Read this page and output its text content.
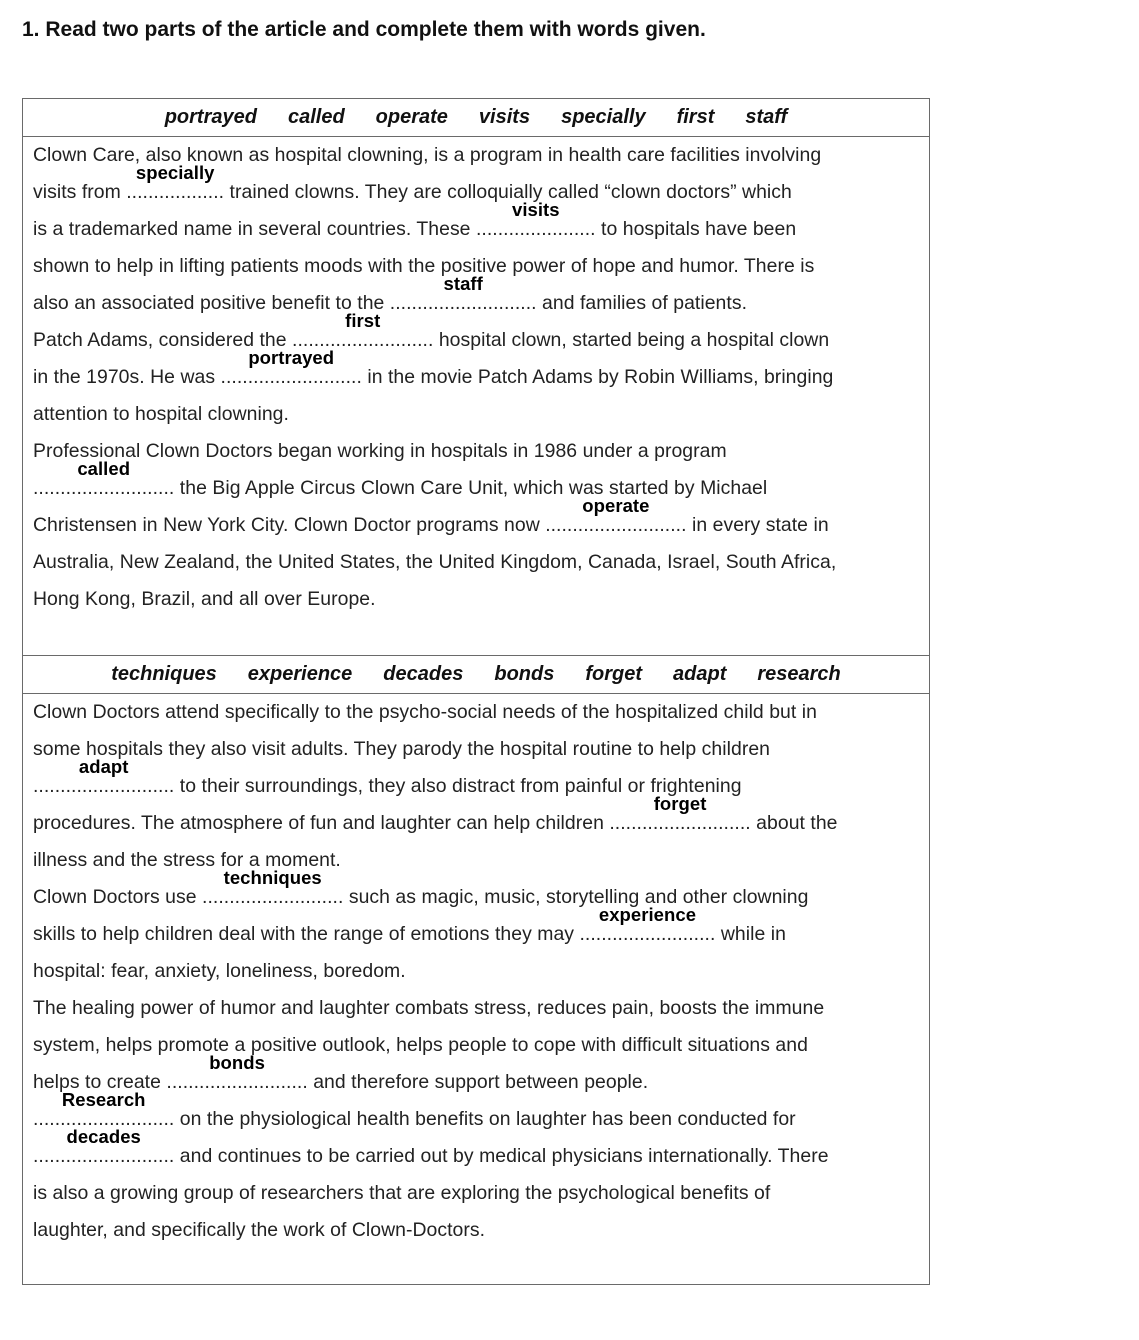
1. Read two parts of the article and complete them with words given.
portrayed called operate visits specially first staff
Clown Care, also known as hospital clowning, is a program in health care facilities involving
visits from ..................
specially
trained clowns. They are colloquially called “clown doctors” which
is a trademarked name in several countries. These ......................
visits
to hospitals have been
shown to help in lifting patients moods with the positive power of hope and humor. There is
also an associated positive benefit to the ...........................
staff
and families of patients.
Patch Adams, considered the ..........................
first
hospital clown, started being a hospital clown
in the 1970s. He was ..........................
portrayed
in the movie Patch Adams by Robin Williams, bringing
attention to hospital clowning.
Professional Clown Doctors began working in hospitals in 1986 under a program
..........................
called
the Big Apple Circus Clown Care Unit, which was started by Michael
Christensen in New York City. Clown Doctor programs now ..........................
operate
in every state in
Australia, New Zealand, the United States, the United Kingdom, Canada, Israel, South Africa,
Hong Kong, Brazil, and all over Europe.
techniques experience decades bonds forget adapt research
Clown Doctors attend specifically to the psycho-social needs of the hospitalized child but in
some hospitals they also visit adults. They parody the hospital routine to help children
..........................
adapt
to their surroundings, they also distract from painful or frightening
procedures. The atmosphere of fun and laughter can help children ..........................
forget
about the
illness and the stress for a moment.
Clown Doctors use ..........................
techniques
such as magic, music, storytelling and other clowning
skills to help children deal with the range of emotions they may .........................
experience
while in
hospital: fear, anxiety, loneliness, boredom.
The healing power of humor and laughter combats stress, reduces pain, boosts the immune
system, helps promote a positive outlook, helps people to cope with difficult situations and
helps to create ..........................
bonds
and therefore support between people.
..........................
Research
on the physiological health benefits on laughter has been conducted for
..........................
decades
and continues to be carried out by medical physicians internationally. There
is also a growing group of researchers that are exploring the psychological benefits of
laughter, and specifically the work of Clown-Doctors.
